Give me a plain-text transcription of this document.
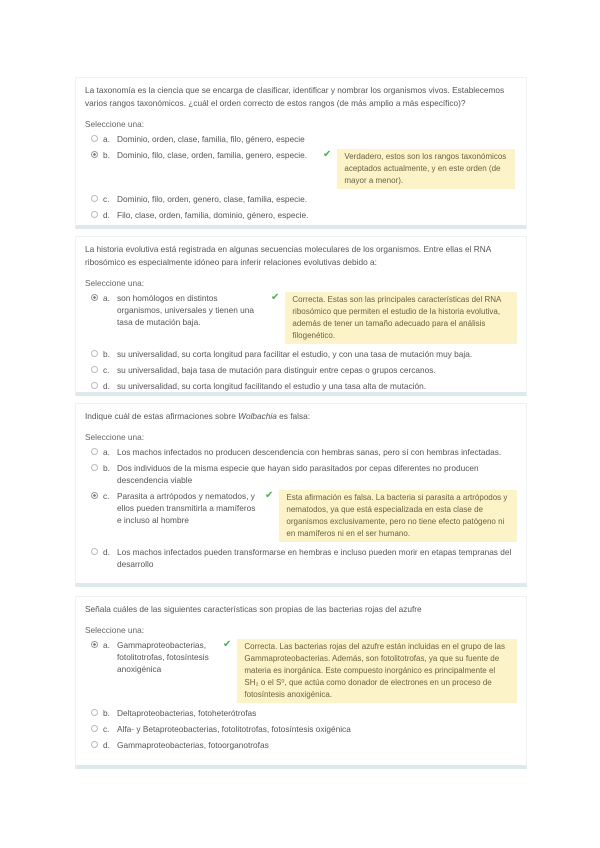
La taxonomía es la ciencia que se encarga de clasificar, identificar y nombrar los organismos vivos. Establecemos varios rangos taxonómicos. ¿cuál el orden correcto de estos rangos (de más amplio a más específico)?
Seleccione una:
a. Dominio, orden, clase, familia, filo, género, especie
b. Dominio, filo, clase, orden, familia, genero, especie.	✔	Verdadero, estos son los rangos taxonómicos aceptados actualmente, y en este orden (de mayor a menor).
c. Dominio, filo, orden, genero, clase, familia, especie.
d. Filo, clase, orden, familia, dominio, género, especie.
La historia evolutiva está registrada en algunas secuencias moleculares de los organismos. Entre ellas el RNA ribosómico es especialmente idóneo para inferir relaciones evolutivas debido a:
Seleccione una:
a. son homólogos en distintos organismos, universales y tienen una tasa de mutación baja.
✔	Correcta. Estas son las principales características del RNA ribosómico que permiten el estudio de la historia evolutiva, además de tener un tamaño adecuado para el análisis filogenético.
b. su universalidad, su corta longitud para facilitar el estudio, y con una tasa de mutación muy baja.
c. su universalidad, baja tasa de mutación para distinguir entre cepas o grupos cercanos.
d. su universalidad, su corta longitud facilitando el estudio y una tasa alta de mutación.
Indique cuál de estas afirmaciones sobre Wolbachia es falsa:
Seleccione una:
a. Los machos infectados no producen descendencia con hembras sanas, pero sí con hembras infectadas.
b. Dos individuos de la misma especie que hayan sido parasitados por cepas diferentes no producen descendencia viable
c. Parasita a artrópodos y nematodos, y ellos pueden transmitirla a mamíferos e incluso al hombre
✔	Esta afirmación es falsa. La bacteria si parasita a artrópodos y nematodos, ya que está especializada en esta clase de organismos exclusivamente, pero no tiene efecto patógeno ni en mamíferos ni en el ser humano.
d. Los machos infectados pueden transformarse en hembras e incluso pueden morir en etapas tempranas del desarrollo
Señala cuáles de las siguientes características son propias de las bacterias rojas del azufre
Seleccione una:
a. Gammaproteobacterias, fotolitotrofas, fotosíntesis anoxigénica
✔	Correcta. Las bacterias rojas del azufre están incluidas en el grupo de las Gammaproteobacterias. Además, son fotolitotrofas, ya que su fuente de materia es inorgánica. Este compuesto inorgánico es principalmente el SH₂ o el S⁰, que actúa como donador de electrones en un proceso de fotosíntesis anoxigénica.
b. Deltaproteobacterias, fotoheterótrofas
c. Alfa- y Betaproteobacterias, fotolitotrofas, fotosíntesis oxigénica
d. Gammaproteobacterias, fotoorganotrofas
